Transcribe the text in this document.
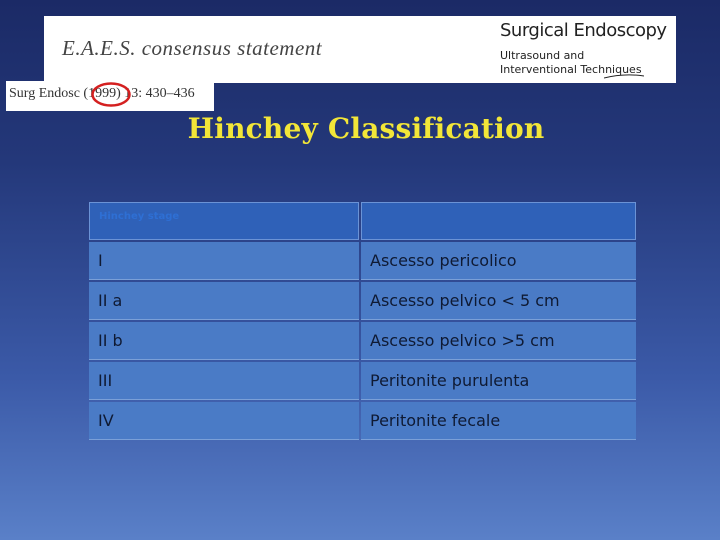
E.A.E.S. consensus statement
Surgical Endoscopy
Ultrasound and
Interventional Techniques
Surg Endosc (1999) 13: 430–436
Hinchey Classification
Hinchey stage
I	Ascesso pericolico
II a	Ascesso pelvico < 5 cm
II b	Ascesso pelvico >5 cm
III	Peritonite purulenta
IV	Peritonite fecale
